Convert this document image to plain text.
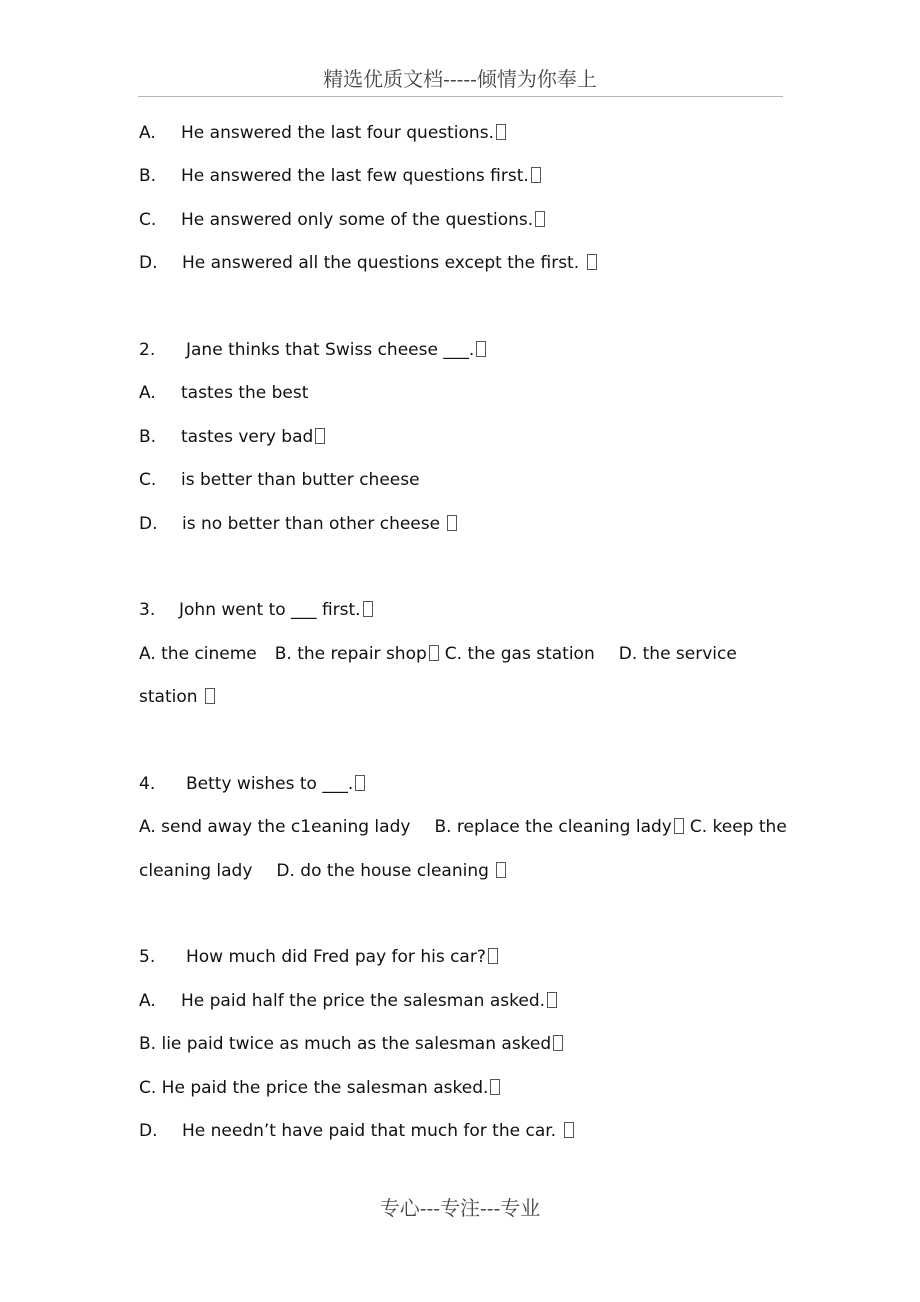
精选优质文档-----倾情为你奉上
A. He answered the last four questions.
B. He answered the last few questions first.
C. He answered only some of the questions.
D. He answered all the questions except the first.
2. Jane thinks that Swiss cheese ___.
A. tastes the best
B. tastes very bad
C. is better than butter cheese
D. is no better than other cheese
3. John went to ___ first.
A. the cineme B. the repair shop C. the gas station D. the service
station
4. Betty wishes to ___.
A. send away the c1eaning lady B. replace the cleaning lady C. keep the
cleaning lady D. do the house cleaning
5. How much did Fred pay for his car?
A. He paid half the price the salesman asked.
B. lie paid twice as much as the salesman asked
C. He paid the price the salesman asked.
D. He needn’t have paid that much for the car.
专心---专注---专业
